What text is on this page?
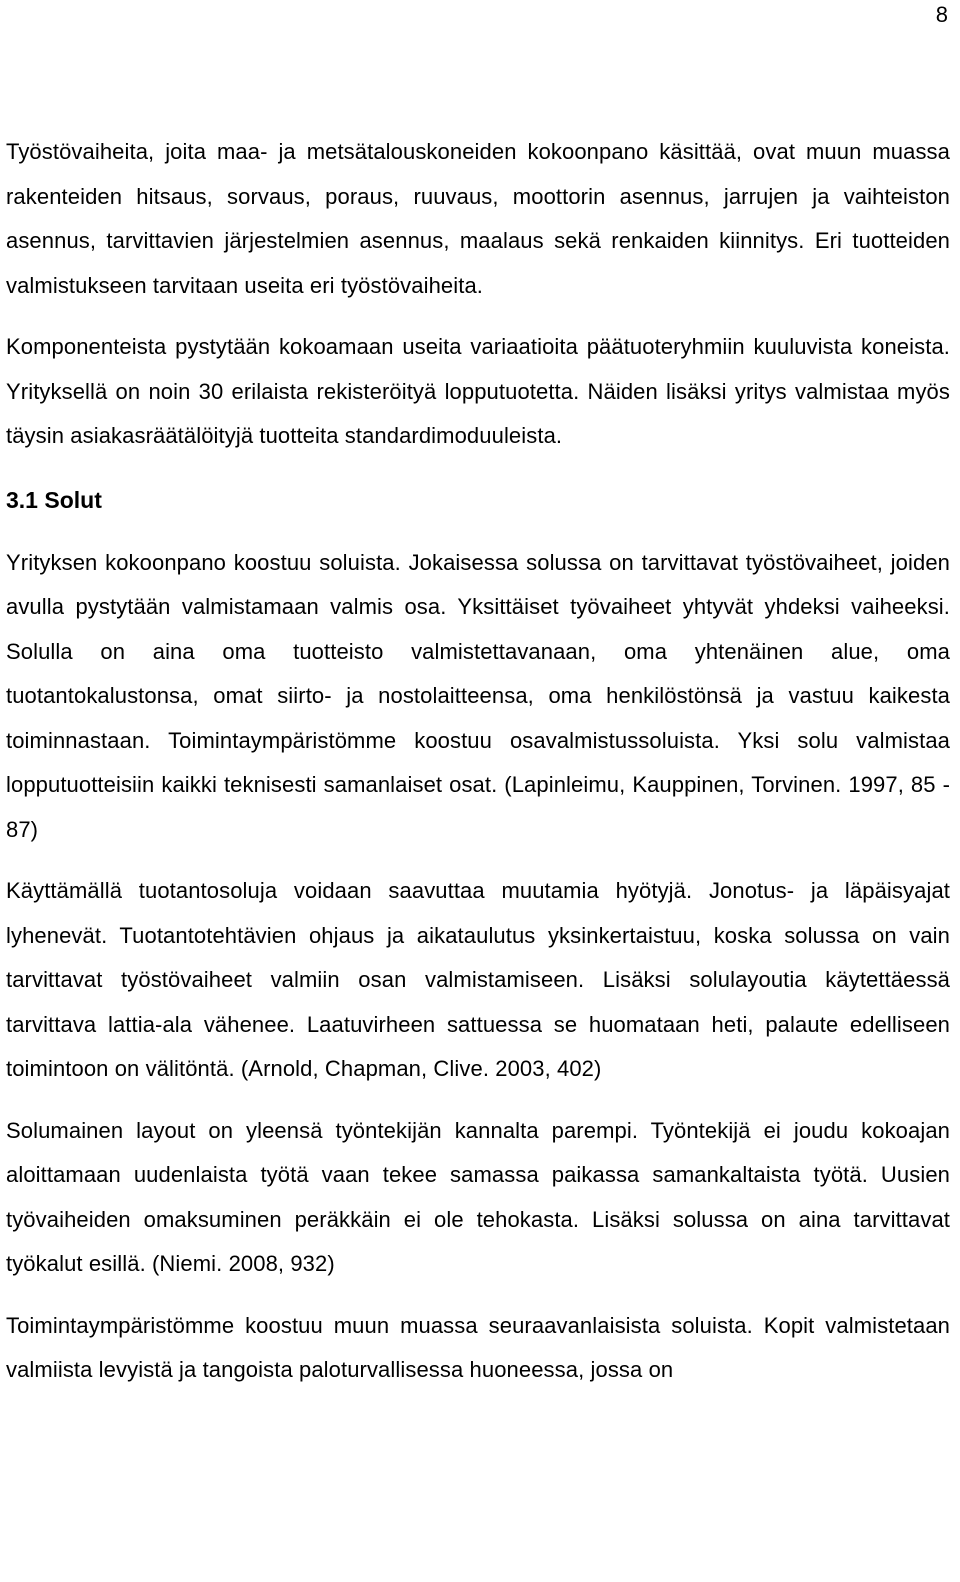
8

Työstövaiheita, joita maa- ja metsätalouskoneiden kokoonpano käsittää, ovat muun muassa rakenteiden hitsaus, sorvaus, poraus, ruuvaus, moottorin asennus, jarrujen ja vaihteiston asennus, tarvittavien järjestelmien asennus, maalaus sekä renkaiden kiinnitys. Eri tuotteiden valmistukseen tarvitaan useita eri työstövaiheita.

Komponenteista pystytään kokoamaan useita variaatioita päätuoteryhmiin kuuluvista koneista. Yrityksellä on noin 30 erilaista rekisteröityä lopputuotetta. Näiden lisäksi yritys valmistaa myös täysin asiakasräätälöityjä tuotteita standardimoduuleista.

3.1 Solut

Yrityksen kokoonpano koostuu soluista. Jokaisessa solussa on tarvittavat työstövaiheet, joiden avulla pystytään valmistamaan valmis osa. Yksittäiset työvaiheet yhtyvät yhdeksi vaiheeksi. Solulla on aina oma tuotteisto valmistettavanaan, oma yhtenäinen alue, oma tuotantokalustonsa, omat siirto- ja nostolaitteensa, oma henkilöstönsä ja vastuu kaikesta toiminnastaan. Toimintaympäristömme koostuu osavalmistussoluista. Yksi solu valmistaa lopputuotteisiin kaikki teknisesti samanlaiset osat. (Lapinleimu, Kauppinen, Torvinen. 1997, 85 - 87)

Käyttämällä tuotantosoluja voidaan saavuttaa muutamia hyötyjä. Jonotus- ja läpäisyajat lyhenevät. Tuotantotehtävien ohjaus ja aikataulutus yksinkertaistuu, koska solussa on vain tarvittavat työstövaiheet valmiin osan valmistamiseen. Lisäksi solulayoutia käytettäessä tarvittava lattia-ala vähenee. Laatuvirheen sattuessa se huomataan heti, palaute edelliseen toimintoon on välitöntä. (Arnold, Chapman, Clive. 2003, 402)

Solumainen layout on yleensä työntekijän kannalta parempi. Työntekijä ei joudu kokoajan aloittamaan uudenlaista työtä vaan tekee samassa paikassa samankaltaista työtä. Uusien työvaiheiden omaksuminen peräkkäin ei ole tehokasta. Lisäksi solussa on aina tarvittavat työkalut esillä. (Niemi. 2008, 932)

Toimintaympäristömme koostuu muun muassa seuraavanlaisista soluista. Kopit valmistetaan valmiista levyistä ja tangoista paloturvallisessa huoneessa, jossa on
